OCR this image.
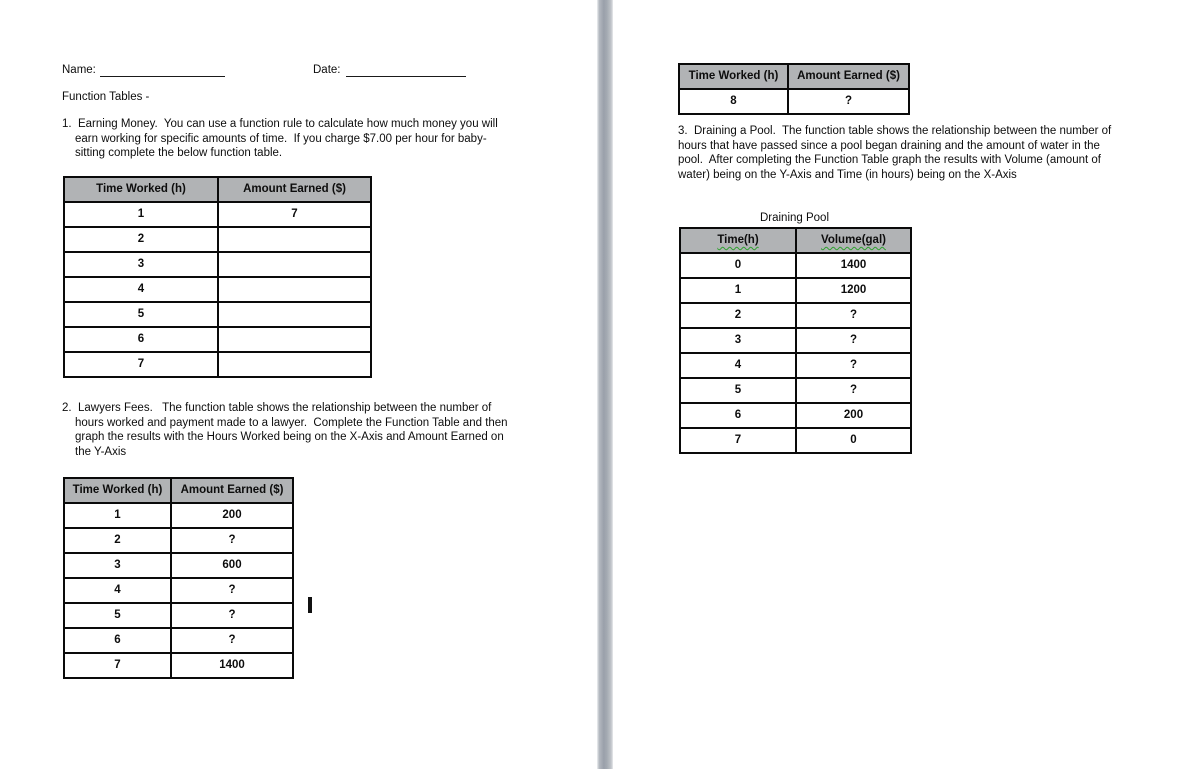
Name:	Date:
Function Tables -
1.  Earning Money.  You can use a function rule to calculate how much money you will
earn working for specific amounts of time.  If you charge $7.00 per hour for baby-
sitting complete the below function table.
Time Worked (h)	Amount Earned ($)
1	7
2	
3	
4	
5	
6	
7	
2.  Lawyers Fees.   The function table shows the relationship between the number of
hours worked and payment made to a lawyer.  Complete the Function Table and then
graph the results with the Hours Worked being on the X-Axis and Amount Earned on
the Y-Axis
Time Worked (h)	Amount Earned ($)
1	200
2	?
3	600
4	?
5	?
6	?
7	1400
Time Worked (h)	Amount Earned ($)
8	?
3.  Draining a Pool.  The function table shows the relationship between the number of
hours that have passed since a pool began draining and the amount of water in the
pool.  After completing the Function Table graph the results with Volume (amount of
water) being on the Y-Axis and Time (in hours) being on the X-Axis
Draining Pool
Time(h)	Volume(gal)
0	1400
1	1200
2	?
3	?
4	?
5	?
6	200
7	0
